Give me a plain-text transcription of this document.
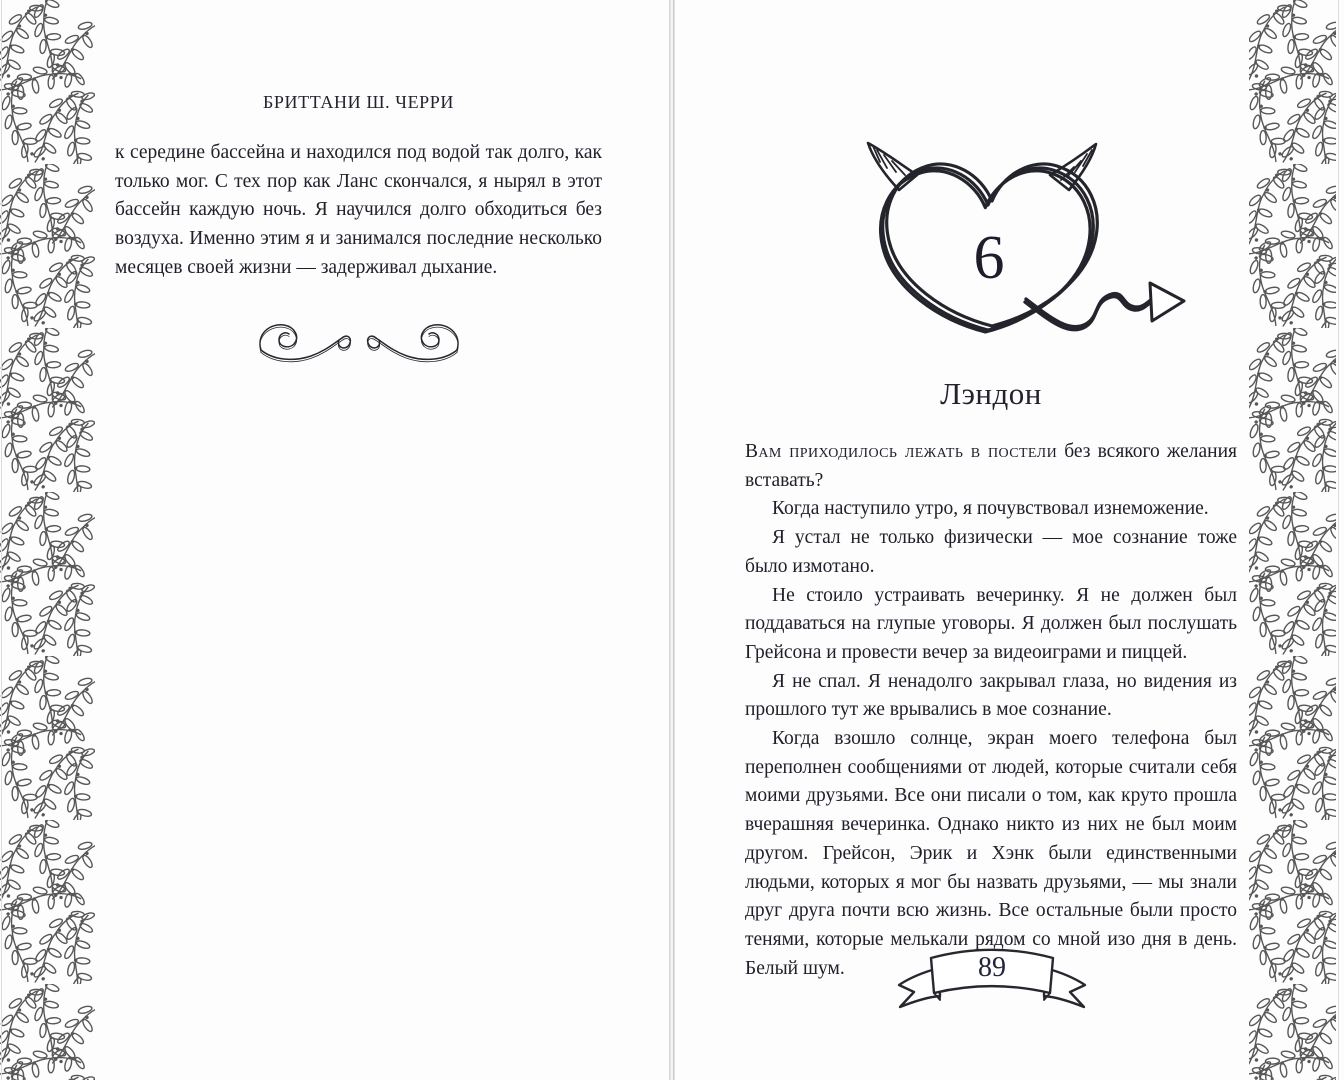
БРИТТАНИ Ш. ЧЕРРИ

к середине бассейна и находился под водой так долго, как только мог. С тех пор как Ланс скончался, я нырял в этот бассейн каждую ночь. Я научился долго обходиться без воздуха. Именно этим я и занимался последние несколько месяцев своей жизни — задерживал дыхание.	6
Лэндон

Вам приходилось лежать в постели без всякого желания вставать?

Когда наступило утро, я почувствовал изнеможение.

Я устал не только физически — мое сознание тоже было измотано.

Не стоило устраивать вечеринку. Я не должен был поддаваться на глупые уговоры. Я должен был послушать Грейсона и провести вечер за видеоиграми и пиццей.

Я не спал. Я ненадолго закрывал глаза, но видения из прошлого тут же врывались в мое сознание.

Когда взошло солнце, экран моего телефона был переполнен сообщениями от людей, которые считали себя моими друзьями. Все они писали о том, как круто прошла вчерашняя вечеринка. Однако никто из них не был моим другом. Грейсон, Эрик и Хэнк были единственными людьми, которых я мог бы назвать друзьями, — мы знали друг друга почти всю жизнь. Все остальные были просто тенями, которые мелькали рядом со мной изо дня в день. Белый шум.	89
